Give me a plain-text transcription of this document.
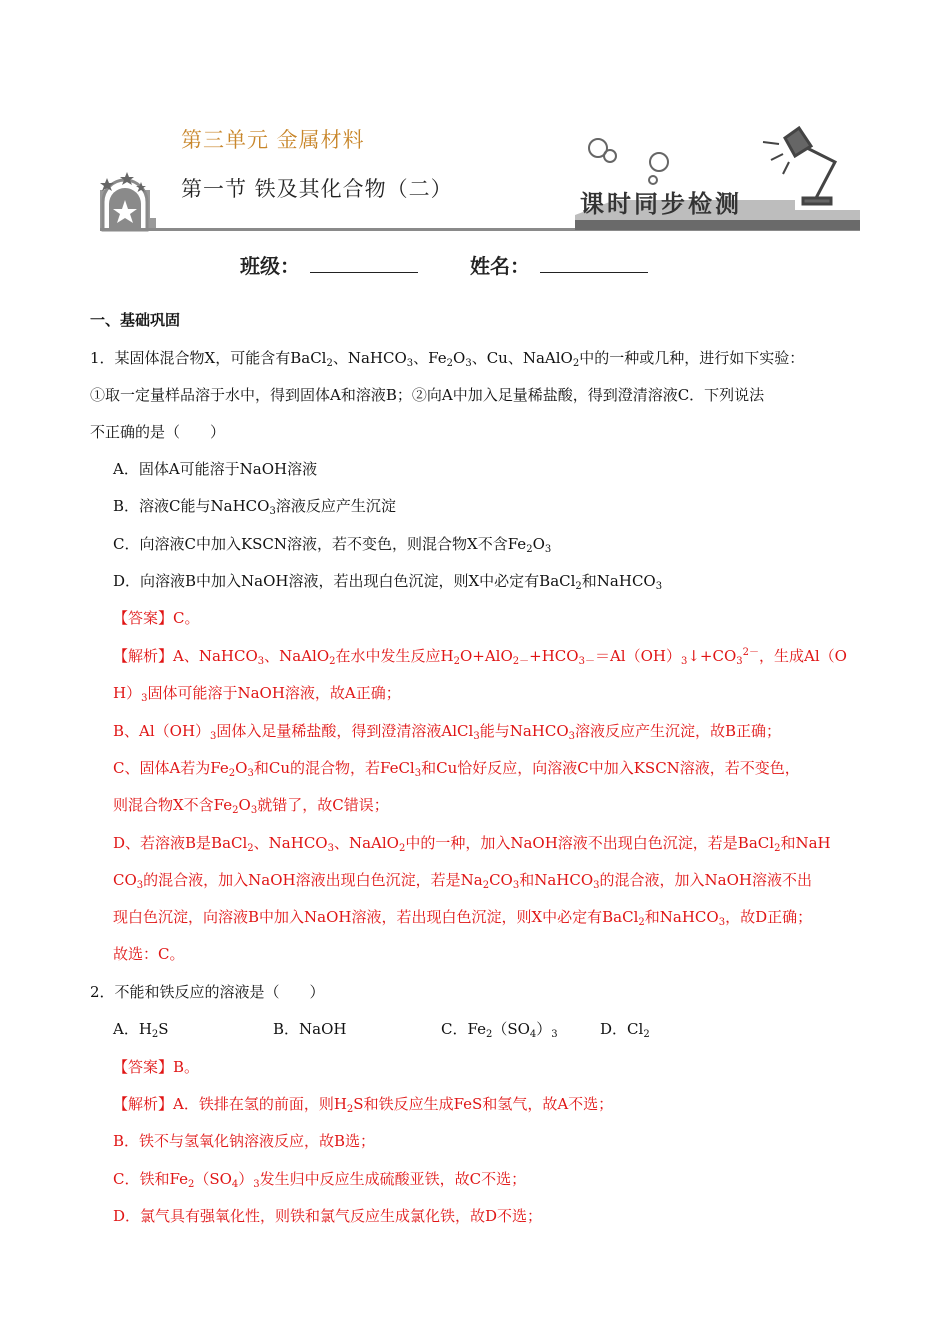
第三单元 金属材料
第一节 铁及其化合物（二）	课时同步检测
班级：	姓名：
一、基础巩固
1．某固体混合物X，可能含有BaCl$_2$、NaHCO$_3$、$Fe_2O_3$、Cu、NaAlO$_2$中的一种或几种，进行如下实验：
①取一定量样品溶于水中，得到固体A和溶液B；②向A中加入足量稀盐酸，得到澄清溶液C．下列说法
不正确的是（　　）
A．固体A可能溶于NaOH溶液
B．溶液C能与NaHCO$_3$溶液反应产生沉淀
C．向溶液C中加入KSCN溶液，若不变色，则混合物X不含$Fe_2O_3$
D．向溶液B中加入NaOH溶液，若出现白色沉淀，则X中必定有BaCl$_2$和NaHCO$_3$
【答案】C。
【解析】A、NaHCO$_3$、NaAlO$_2$在水中发生反应$H_2O+AlO_{2-}+HCO_{3-}=Al(OH)_3↓+CO_3^{2-}$，生成Al（O
$H)_3$固体可能溶于NaOH溶液，故A正确；
B、$Al(OH)_3$固体入足量稀盐酸，得到澄清溶液AlCl$_3$能与NaHCO$_3$溶液反应产生沉淀，故B正确；
C、固体A若为$Fe_2O_3$和Cu的混合物，若FeCl$_3$和Cu恰好反应，向溶液C中加入KSCN溶液，若不变色，
则混合物X不含$Fe_2O_3$就错了，故C错误；
D、若溶液B是BaCl$_2$、NaHCO$_3$、NaAlO$_2$中的一种，加入NaOH溶液不出现白色沉淀，若是BaCl$_2$和NaH
$CO_3$的混合液，加入NaOH溶液出现白色沉淀，若是$Na_2CO_3$和NaHCO$_3$的混合液，加入NaOH溶液不出
现白色沉淀，向溶液B中加入NaOH溶液，若出现白色沉淀，则X中必定有BaCl$_2$和NaHCO$_3$，故D正确；
故选：C。
2．不能和铁反应的溶液是（　　）
A．$H_2S$	B．NaOH	C．$Fe_2(SO_4)_3$	D．$Cl_2$
【答案】B。
【解析】A．铁排在氢的前面，则$H_2S$和铁反应生成FeS和氢气，故A不选；
B．铁不与氢氧化钠溶液反应，故B选；
C．铁和$Fe_2(SO_4)_3$发生归中反应生成硫酸亚铁，故C不选；
D．氯气具有强氧化性，则铁和氯气反应生成氯化铁，故D不选；
